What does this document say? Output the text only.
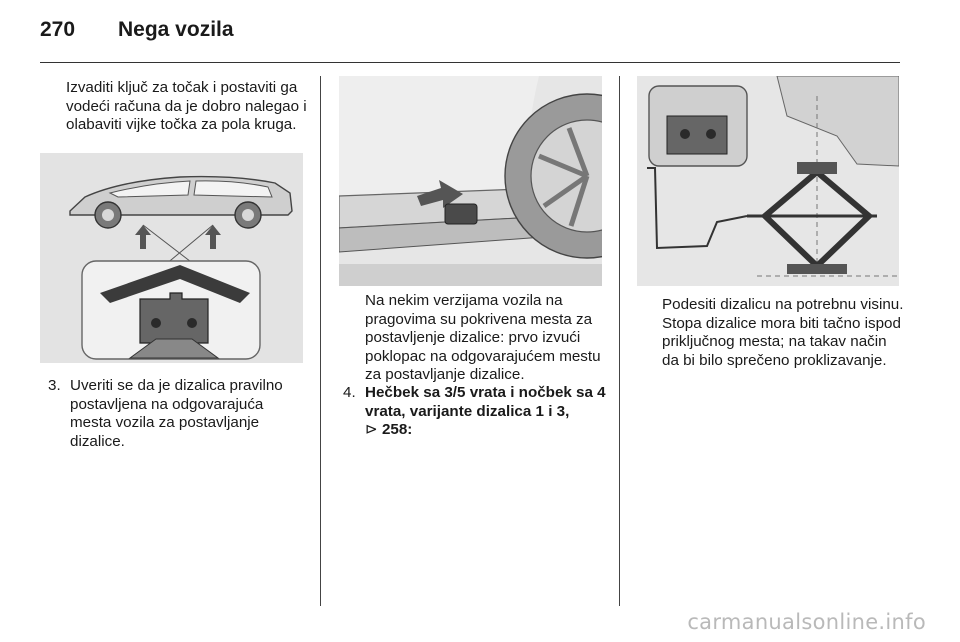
270 Nega vozila
Izvaditi ključ za točak i postaviti ga vodeći računa da je dobro nalegao i olabaviti vijke točka za pola kruga.
3. Uveriti se da je dizalica pravilno postavljena na odgovarajuća mesta vozila za postavljanje dizalice.
Na nekim verzijama vozila na pragovima su pokrivena mesta za postavljenje dizalice: prvo izvući poklopac na odgovarajućem mestu za postavljanje dizalice.
4. Hečbek sa 3/5 vrata i nočbek sa 4 vrata, varijante dizalica 1 i 3,
⊳ 258:
Podesiti dizalicu na potrebnu visinu. Stopa dizalice mora biti tačno ispod priključnog mesta; na takav način da bi bilo sprečeno proklizavanje.
carmanualsonline.info
